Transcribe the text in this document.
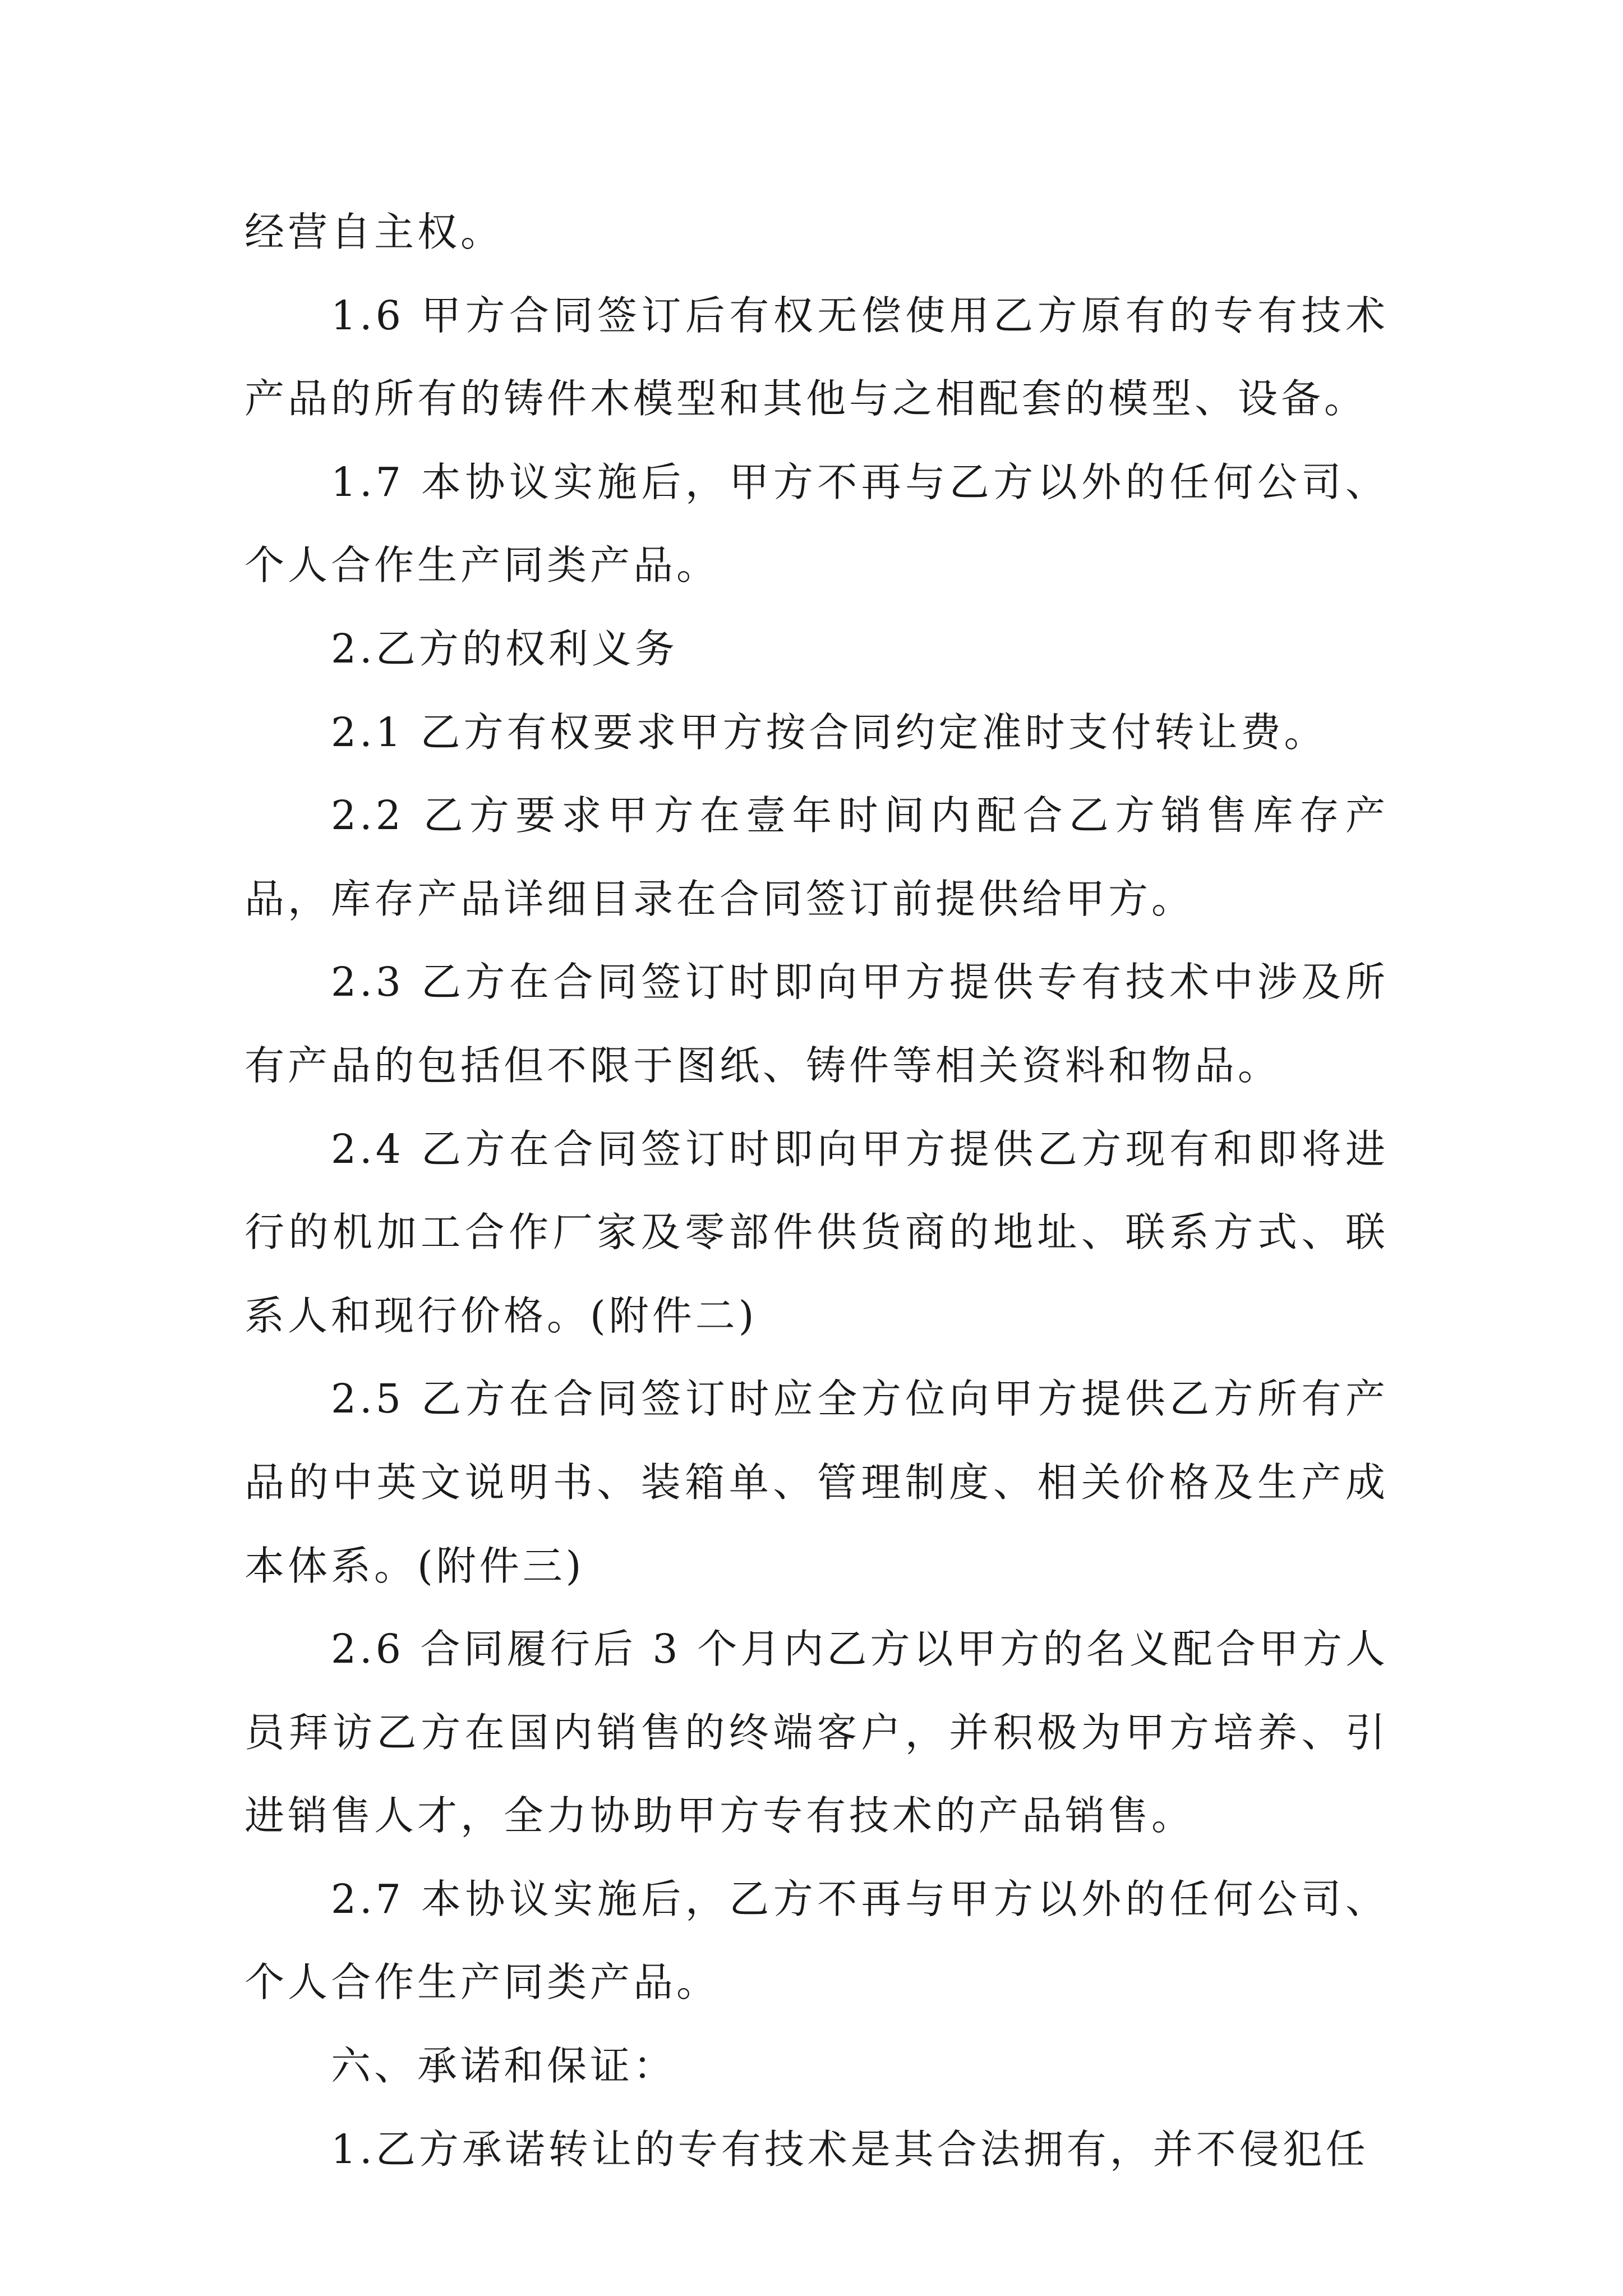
经营自主权。

1.6 甲方合同签订后有权无偿使用乙方原有的专有技术产品的所有的铸件木模型和其他与之相配套的模型、设备。

1.7 本协议实施后，甲方不再与乙方以外的任何公司、个人合作生产同类产品。

2.乙方的权利义务

2.1 乙方有权要求甲方按合同约定准时支付转让费。

2.2 乙方要求甲方在壹年时间内配合乙方销售库存产品，库存产品详细目录在合同签订前提供给甲方。

2.3 乙方在合同签订时即向甲方提供专有技术中涉及所有产品的包括但不限于图纸、铸件等相关资料和物品。

2.4 乙方在合同签订时即向甲方提供乙方现有和即将进行的机加工合作厂家及零部件供货商的地址、联系方式、联系人和现行价格。(附件二)

2.5 乙方在合同签订时应全方位向甲方提供乙方所有产品的中英文说明书、装箱单、管理制度、相关价格及生产成本体系。(附件三)

2.6 合同履行后 3 个月内乙方以甲方的名义配合甲方人员拜访乙方在国内销售的终端客户，并积极为甲方培养、引进销售人才，全力协助甲方专有技术的产品销售。

2.7 本协议实施后，乙方不再与甲方以外的任何公司、个人合作生产同类产品。

六、承诺和保证：

1.乙方承诺转让的专有技术是其合法拥有，并不侵犯任
